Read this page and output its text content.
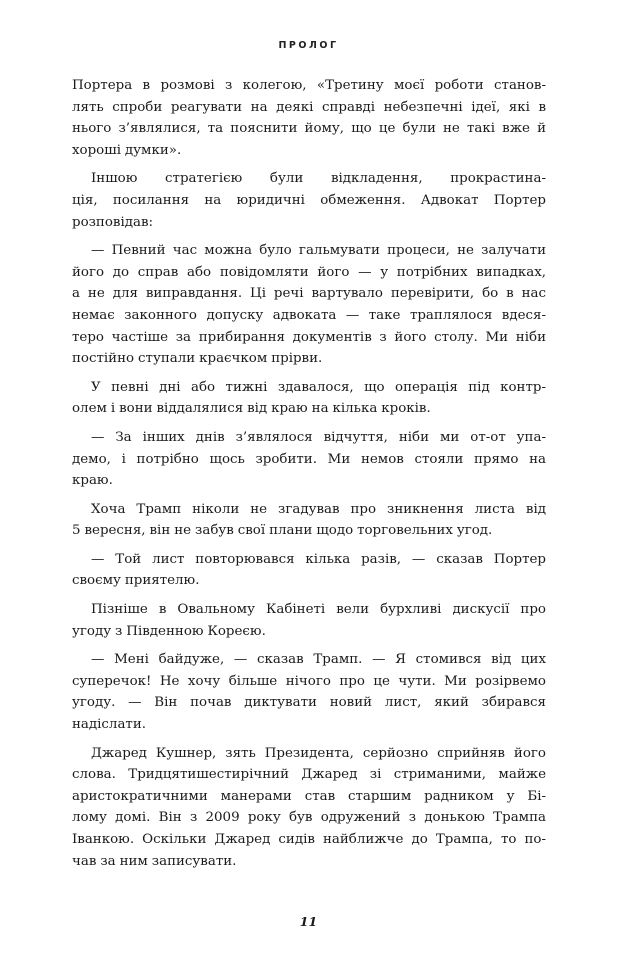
ПРОЛОГ

Портера в розмові з колегою, «Третину моєї роботи станов-
лять спроби реагувати на деякі справді небезпечні ідеї, які в
нього з’являлися, та пояснити йому, що це були не такі вже й
хороші думки».

Іншою стратегією були відкладення, прокрастина-
ція, посилання на юридичні обмеження. Адвокат Портер
розповідав:

— Певний час можна було гальмувати процеси, не залучати
його до справ або повідомляти його — у потрібних випадках,
а не для виправдання. Ці речі вартувало перевірити, бо в нас
немає законного допуску адвоката — таке траплялося вдеся-
теро частіше за прибирання документів з його столу. Ми ніби
постійно ступали краєчком прірви.

У певні дні або тижні здавалося, що операція під контр-
олем і вони віддалялися від краю на кілька кроків.

— За інших днів з’являлося відчуття, ніби ми от-от упа-
демо, і потрібно щось зробити. Ми немов стояли прямо на
краю.

Хоча Трамп ніколи не згадував про зникнення листа від
5 вересня, він не забув свої плани щодо торговельних угод.

— Той лист повторювався кілька разів, — сказав Портер
своєму приятелю.

Пізніше в Овальному Кабінеті вели бурхливі дискусії про
угоду з Південною Кореєю.

— Мені байдуже, — сказав Трамп. — Я стомився від цих
суперечок! Не хочу більше нічого про це чути. Ми розірвемо
угоду. — Він почав диктувати новий лист, який збирався
надіслати.

Джаред Кушнер, зять Президента, серйозно сприйняв його
слова. Тридцятишестирічний Джаред зі стриманими, майже
аристократичними манерами став старшим радником у Бі-
лому домі. Він з 2009 року був одружений з донькою Трампа
Іванкою. Оскільки Джаред сидів найближче до Трампа, то по-
чав за ним записувати.

11
